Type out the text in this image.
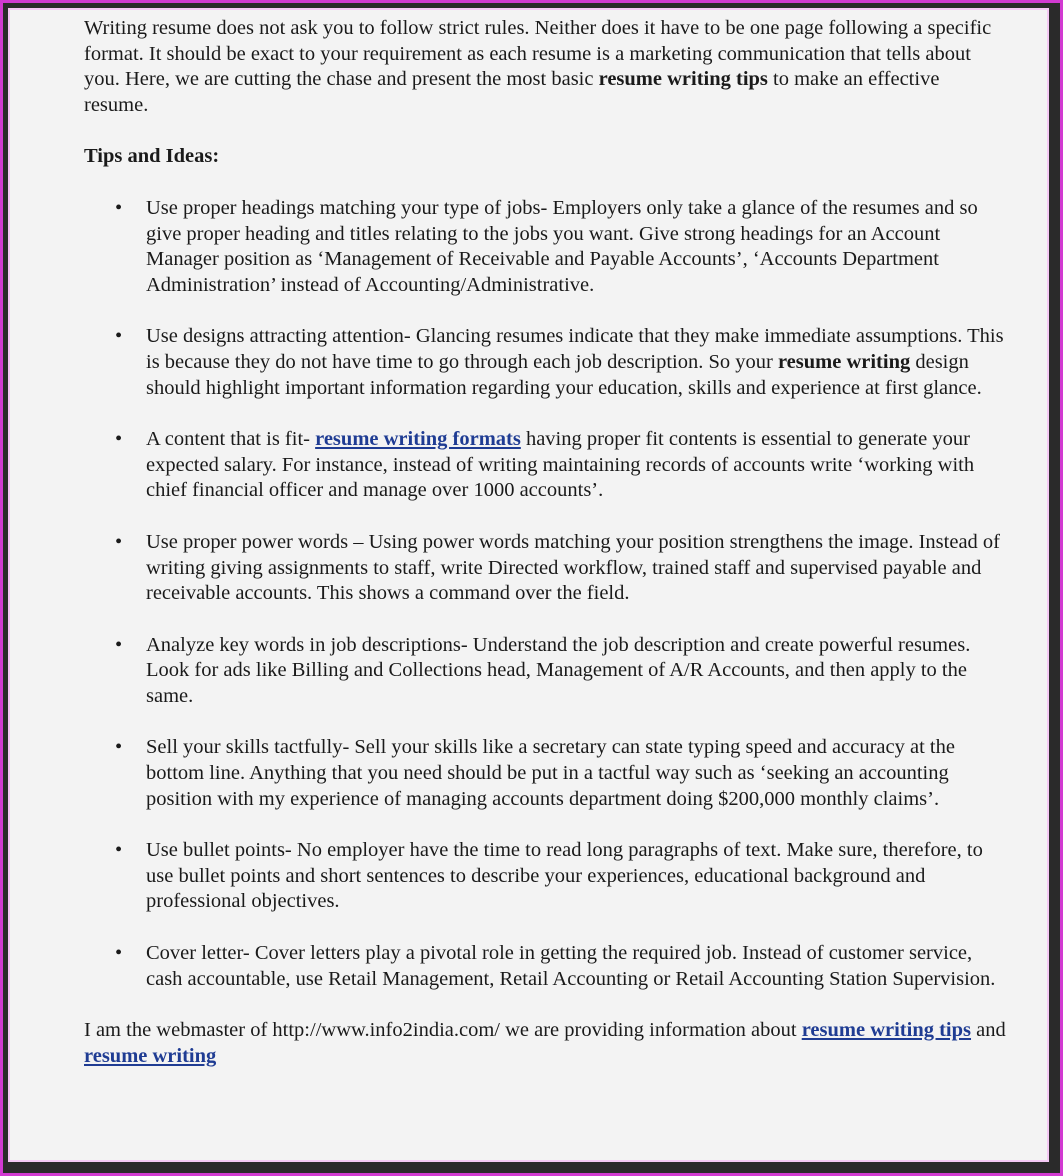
Writing resume does not ask you to follow strict rules. Neither does it have to be one page following a specific format. It should be exact to your requirement as each resume is a marketing communication that tells about you. Here, we are cutting the chase and present the most basic resume writing tips to make an effective resume.

Tips and Ideas:

• Use proper headings matching your type of jobs- Employers only take a glance of the resumes and so give proper heading and titles relating to the jobs you want. Give strong headings for an Account Manager position as ‘Management of Receivable and Payable Accounts’, ‘Accounts Department Administration’ instead of Accounting/Administrative.
• Use designs attracting attention- Glancing resumes indicate that they make immediate assumptions. This is because they do not have time to go through each job description. So your resume writing design should highlight important information regarding your education, skills and experience at first glance.
• A content that is fit- resume writing formats having proper fit contents is essential to generate your expected salary. For instance, instead of writing maintaining records of accounts write ‘working with chief financial officer and manage over 1000 accounts’.
• Use proper power words – Using power words matching your position strengthens the image. Instead of writing giving assignments to staff, write Directed workflow, trained staff and supervised payable and receivable accounts. This shows a command over the field.
• Analyze key words in job descriptions- Understand the job description and create powerful resumes. Look for ads like Billing and Collections head, Management of A/R Accounts, and then apply to the same.
• Sell your skills tactfully- Sell your skills like a secretary can state typing speed and accuracy at the bottom line. Anything that you need should be put in a tactful way such as ‘seeking an accounting position with my experience of managing accounts department doing $200,000 monthly claims’.
• Use bullet points- No employer have the time to read long paragraphs of text. Make sure, therefore, to use bullet points and short sentences to describe your experiences, educational background and professional objectives.
• Cover letter- Cover letters play a pivotal role in getting the required job. Instead of customer service, cash accountable, use Retail Management, Retail Accounting or Retail Accounting Station Supervision.

I am the webmaster of http://www.info2india.com/ we are providing information about resume writing tips and resume writing
